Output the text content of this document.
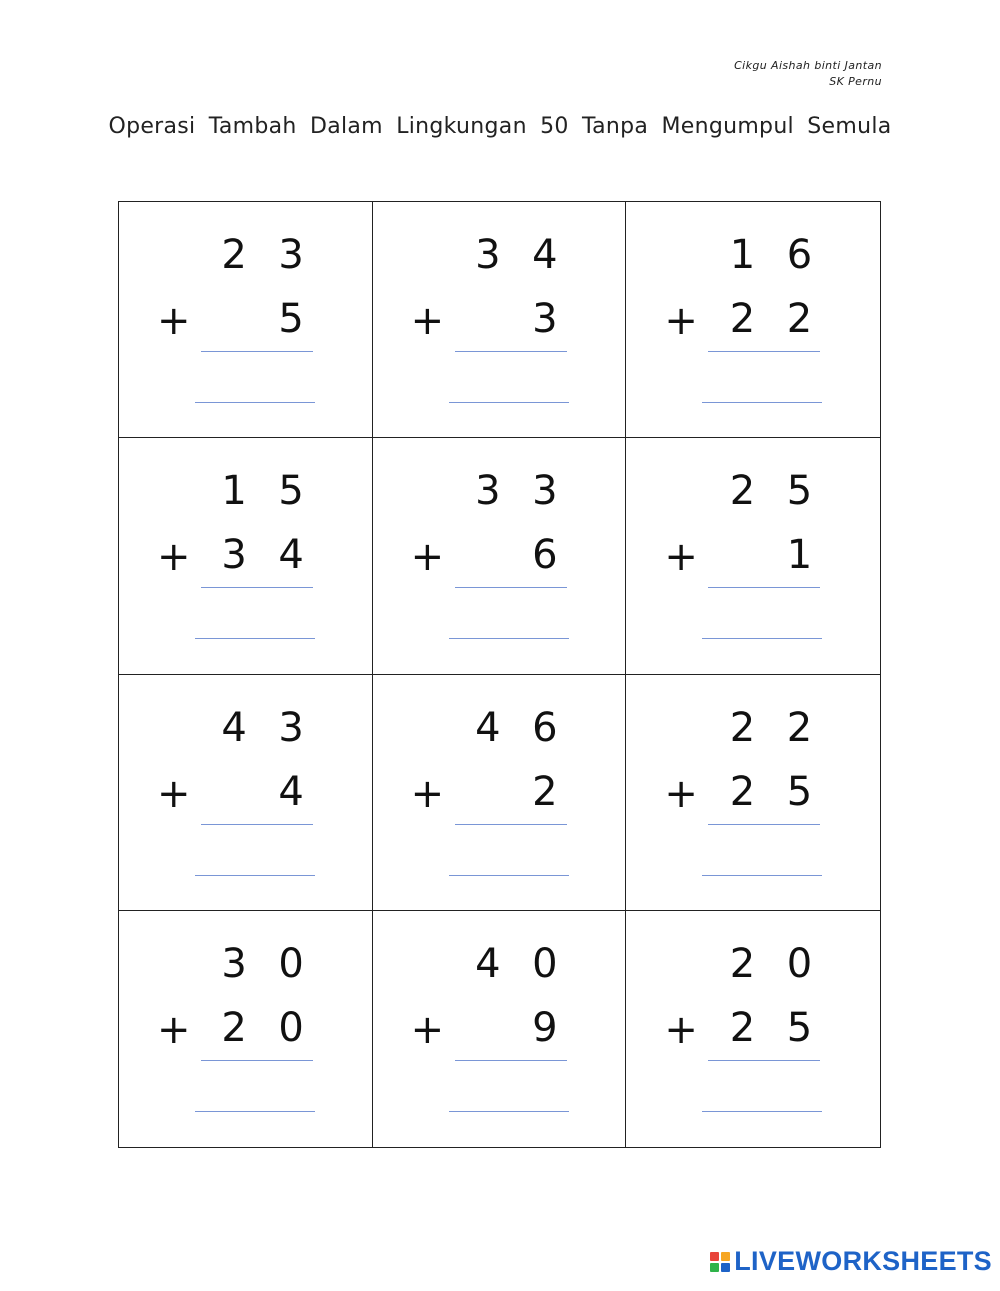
Cikgu Aishah binti Jantan
SK Pernu
Operasi Tambah Dalam Lingkungan 50 Tanpa Mengumpul Semula
2 3
+	5
3 4
+	3
1 6
+ 2 2
1 5
+ 3 4
3 3
+	6
2 5
+	1
4 3
+	4
4 6
+	2
2 2
+ 2 5
3 0
+ 2 0
4 0
+	9
2 0
+ 2 5
LIVEWORKSHEETS
